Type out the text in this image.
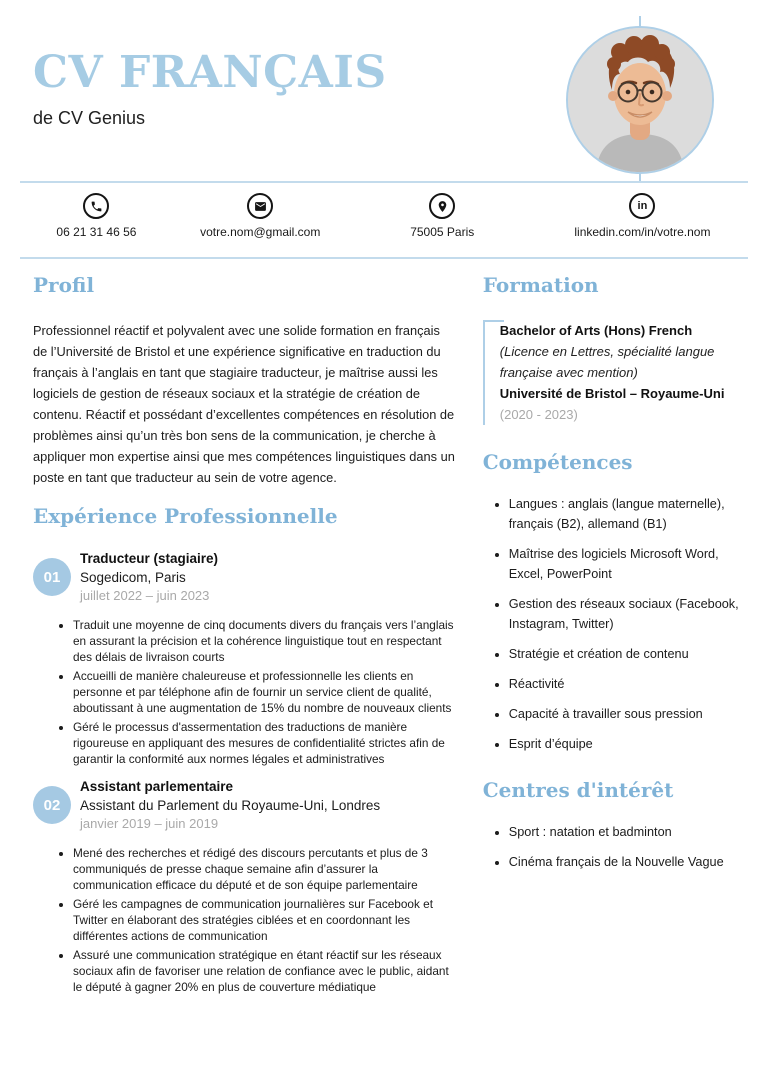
CV FRANÇAIS
de CV Genius
06 21 31 46 56	votre.nom@gmail.com	75005 Paris
in
linkedin.com/in/votre.nom
Profil

Professionnel réactif et polyvalent avec une solide formation en français de l’Université de Bristol et une expérience significative en traduction du français à l’anglais en tant que stagiaire traducteur, je maîtrise aussi les logiciels de gestion de réseaux sociaux et la stratégie de création de contenu. Réactif et possédant d’excellentes compétences en résolution de problèmes ainsi qu’un très bon sens de la communication, je cherche à appliquer mon expertise ainsi que mes compétences linguistiques dans un poste en tant que traducteur au sein de votre agence.

Expérience Professionnelle
01
Traducteur (stagiaire)
Sogedicom, Paris
juillet 2022 – juin 2023
• Traduit une moyenne de cinq documents divers du français vers l’anglais en assurant la précision et la cohérence linguistique tout en respectant des délais de livraison courts
• Accueilli de manière chaleureuse et professionnelle les clients en personne et par téléphone afin de fournir un service client de qualité, aboutissant à une augmentation de 15% du nombre de nouveaux clients
• Géré le processus d'assermentation des traductions de manière rigoureuse en appliquant des mesures de confidentialité strictes afin de garantir la conformité aux normes légales et administratives
02
Assistant parlementaire
Assistant du Parlement du Royaume-Uni, Londres
janvier 2019 – juin 2019
• Mené des recherches et rédigé des discours percutants et plus de 3 communiqués de presse chaque semaine afin d’assurer la communication efficace du député et de son équipe parlementaire
• Géré les campagnes de communication journalières sur Facebook et Twitter en élaborant des stratégies ciblées et en coordonnant les différentes actions de communication
• Assuré une communication stratégique en étant réactif sur les réseaux sociaux afin de favoriser une relation de confiance avec le public, aidant le député à gagner 20% en plus de couverture médiatique
Formation
Bachelor of Arts (Hons) French
(Licence en Lettres, spécialité langue française avec mention)
Université de Bristol – Royaume-Uni
(2020 - 2023)
Compétences
• Langues : anglais (langue maternelle), français (B2), allemand (B1)
• Maîtrise des logiciels Microsoft Word, Excel, PowerPoint
• Gestion des réseaux sociaux (Facebook, Instagram, Twitter)
• Stratégie et création de contenu
• Réactivité
• Capacité à travailler sous pression
• Esprit d’équipe
Centres d'intérêt
• Sport : natation et badminton
• Cinéma français de la Nouvelle Vague
